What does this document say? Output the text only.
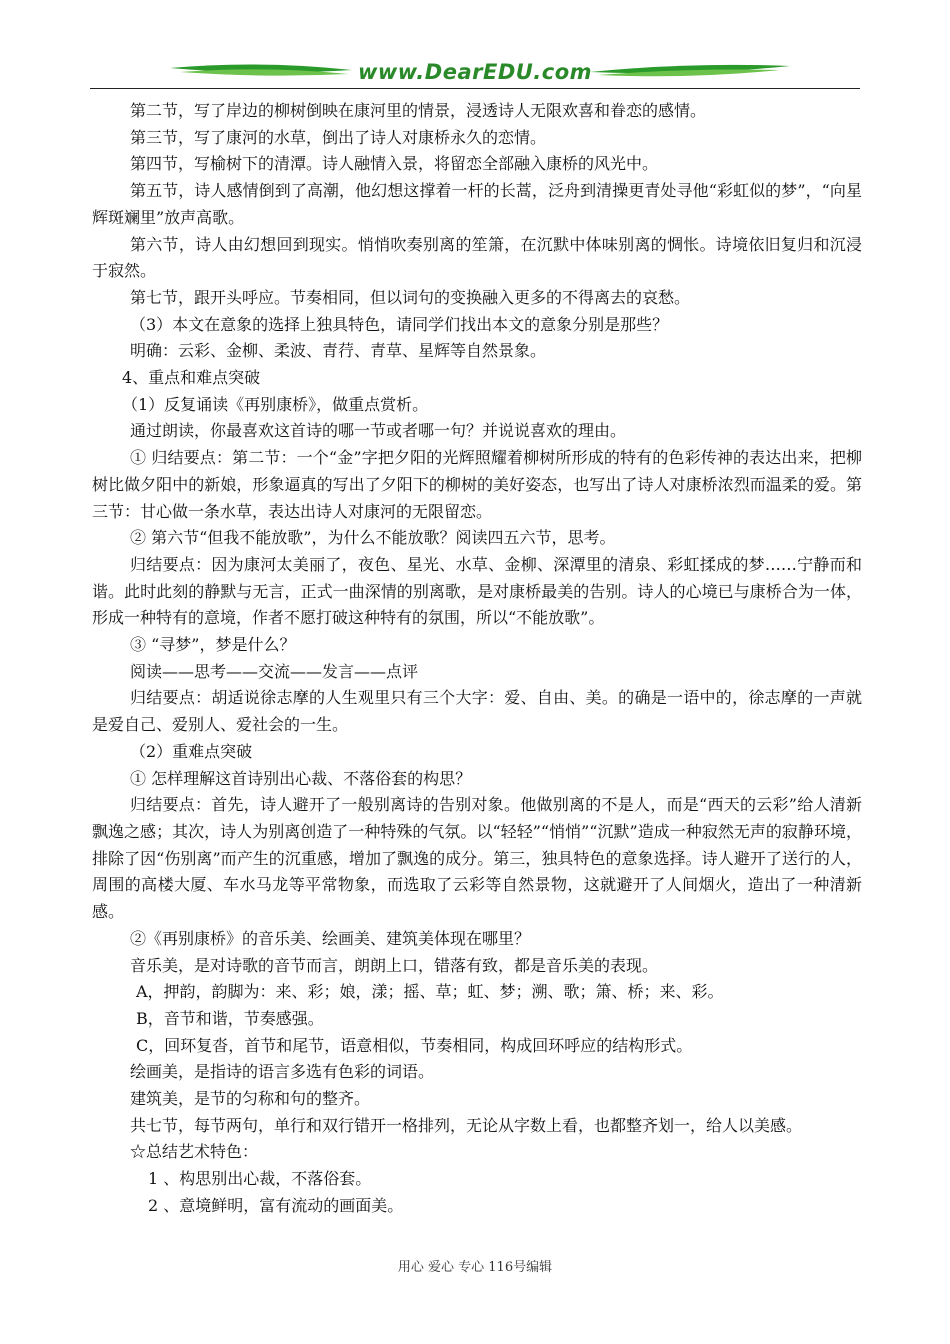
www.DearEDU.com

第二节，写了岸边的柳树倒映在康河里的情景，浸透诗人无限欢喜和眷恋的感情。

第三节，写了康河的水草，倒出了诗人对康桥永久的恋情。

第四节，写榆树下的清潭。诗人融情入景，将留恋全部融入康桥的风光中。

第五节，诗人感情倒到了高潮，他幻想这撑着一杆的长蒿，泛舟到清操更青处寻他“彩虹似的梦”，“向星辉斑斓里”放声高歌。

第六节，诗人由幻想回到现实。悄悄吹奏别离的笙箫，在沉默中体味别离的惆怅。诗境依旧复归和沉浸于寂然。

第七节，跟开头呼应。节奏相同，但以词句的变换融入更多的不得离去的哀愁。

（3）本文在意象的选择上独具特色，请同学们找出本文的意象分别是那些？

明确：云彩、金柳、柔波、青荇、青草、星辉等自然景象。

4、重点和难点突破

（1）反复诵读《再别康桥》，做重点赏析。

通过朗读，你最喜欢这首诗的哪一节或者哪一句？并说说喜欢的理由。

① 归结要点：第二节：一个“金”字把夕阳的光辉照耀着柳树所形成的特有的色彩传神的表达出来，把柳树比做夕阳中的新娘，形象逼真的写出了夕阳下的柳树的美好姿态，也写出了诗人对康桥浓烈而温柔的爱。第三节：甘心做一条水草，表达出诗人对康河的无限留恋。

② 第六节“但我不能放歌”，为什么不能放歌？阅读四五六节，思考。

归结要点：因为康河太美丽了，夜色、星光、水草、金柳、深潭里的清泉、彩虹揉成的梦……宁静而和谐。此时此刻的静默与无言，正式一曲深情的别离歌，是对康桥最美的告别。诗人的心境已与康桥合为一体，形成一种特有的意境，作者不愿打破这种特有的氛围，所以“不能放歌”。

③ “寻梦”，梦是什么？

阅读——思考——交流——发言——点评

归结要点：胡适说徐志摩的人生观里只有三个大字：爱、自由、美。的确是一语中的，徐志摩的一声就是爱自己、爱别人、爱社会的一生。

（2）重难点突破

① 怎样理解这首诗别出心裁、不落俗套的构思？

归结要点：首先，诗人避开了一般别离诗的告别对象。他做别离的不是人，而是“西天的云彩”给人清新飘逸之感；其次，诗人为别离创造了一种特殊的气氛。以“轻轻”“悄悄”“沉默”造成一种寂然无声的寂静环境，排除了因“伤别离”而产生的沉重感，增加了飘逸的成分。第三，独具特色的意象选择。诗人避开了送行的人，周围的高楼大厦、车水马龙等平常物象，而选取了云彩等自然景物，这就避开了人间烟火，造出了一种清新感。

②《再别康桥》的音乐美、绘画美、建筑美体现在哪里？

音乐美，是对诗歌的音节而言，朗朗上口，错落有致，都是音乐美的表现。

A，押韵，韵脚为：来、彩；娘，漾；摇、草；虹、梦；溯、歌；箫、桥；来、彩。

B，音节和谐，节奏感强。

C，回环复沓，首节和尾节，语意相似，节奏相同，构成回环呼应的结构形式。

绘画美，是指诗的语言多选有色彩的词语。

建筑美，是节的匀称和句的整齐。

共七节，每节两句，单行和双行错开一格排列，无论从字数上看，也都整齐划一，给人以美感。

☆总结艺术特色：

1 、构思别出心裁，不落俗套。

2 、意境鲜明，富有流动的画面美。

用心 爱心 专心 116号编辑
